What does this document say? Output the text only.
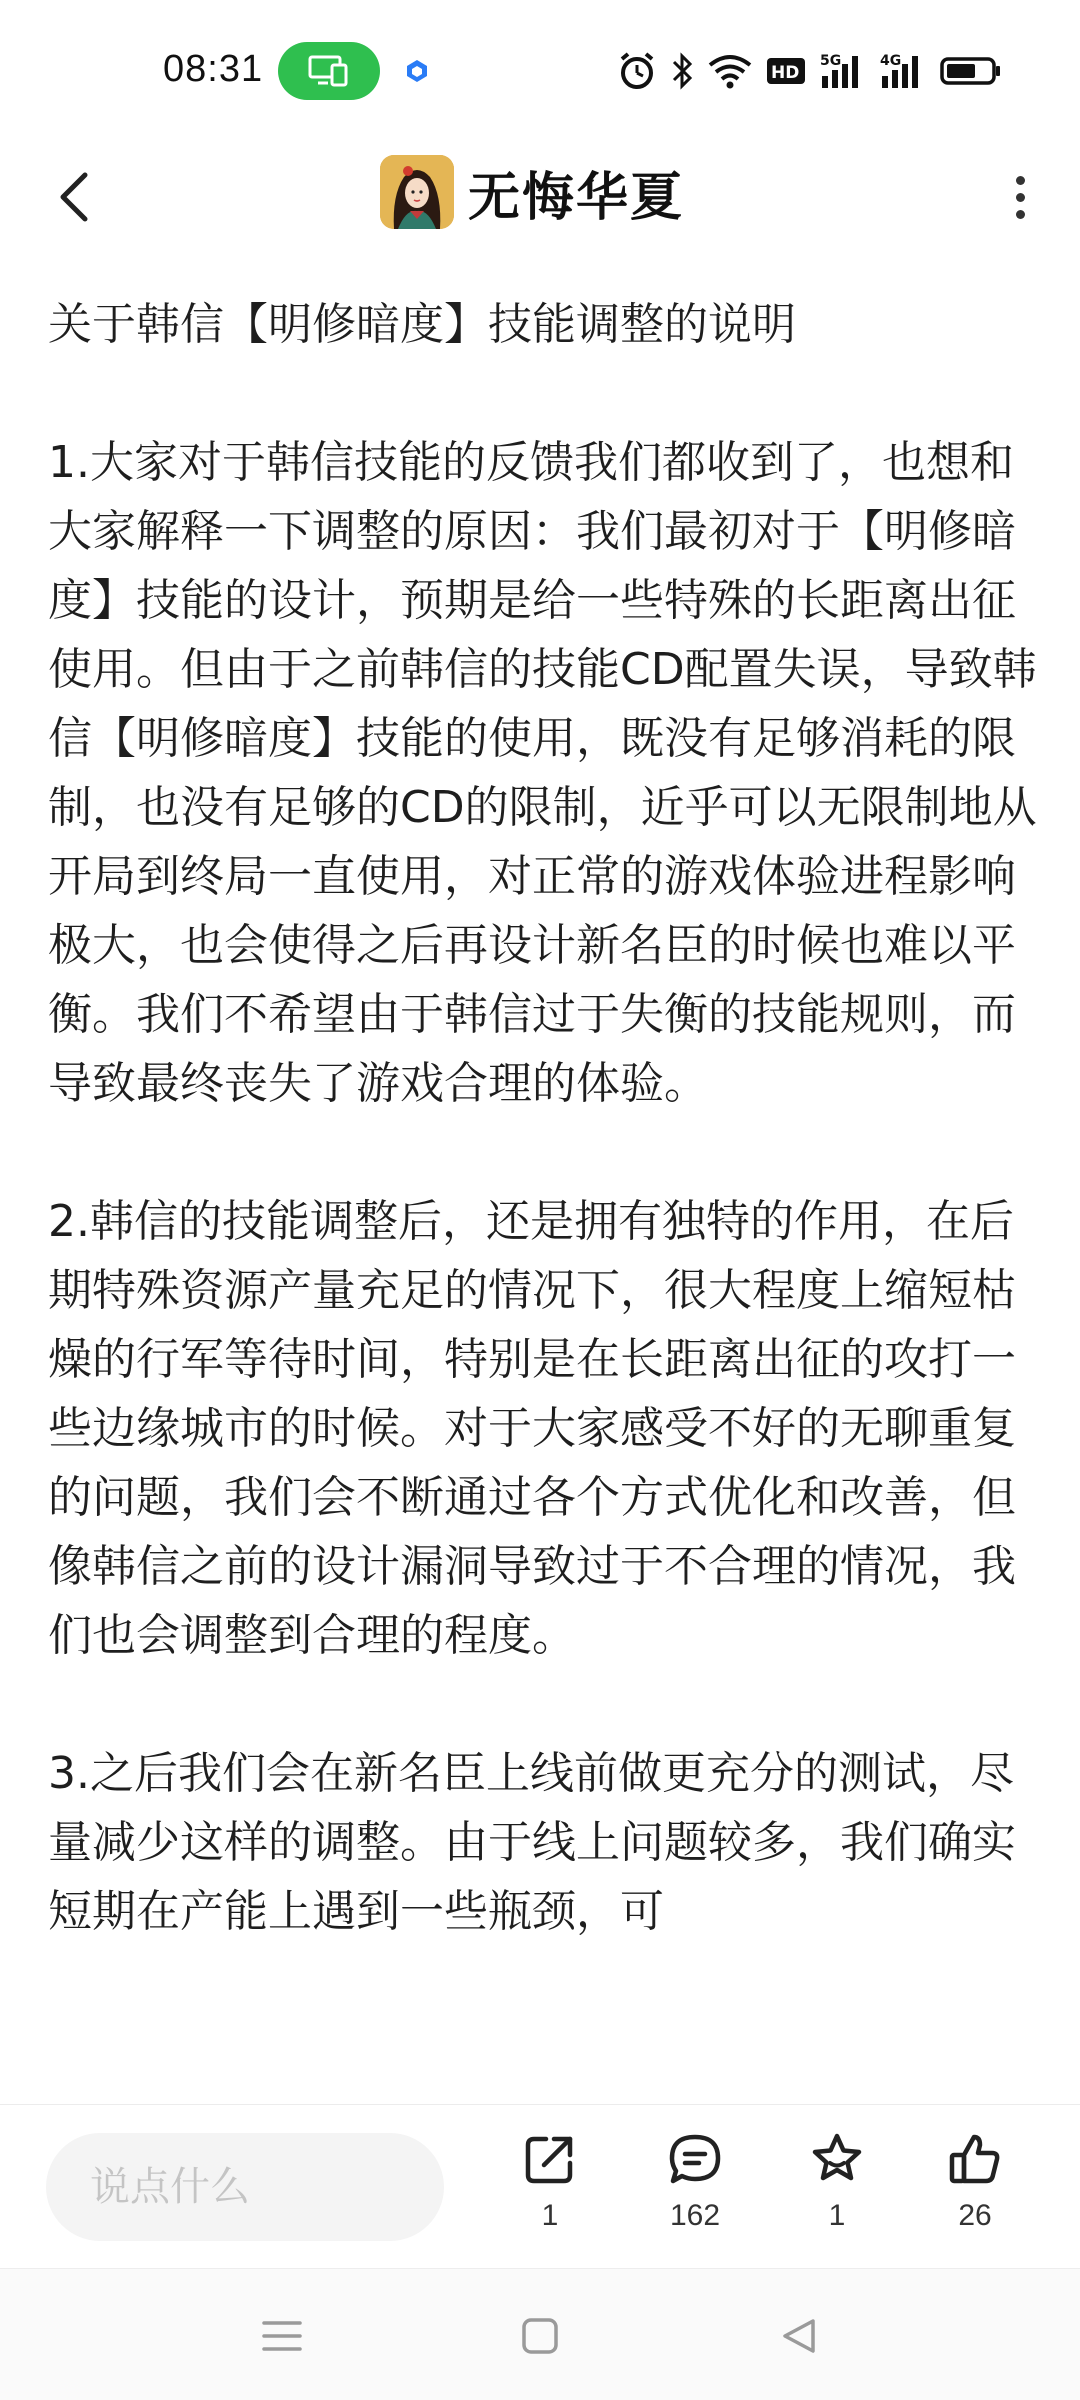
08:31	HD
5G	4G
无悔华夏
关于韩信【明修暗度】技能调整的说明
1.大家对于韩信技能的反馈我们都收到了，也想和大家解释一下调整的原因：我们最初对于【明修暗度】技能的设计，预期是给一些特殊的长距离出征使用。但由于之前韩信的技能CD配置失误，导致韩信【明修暗度】技能的使用，既没有足够消耗的限制，也没有足够的CD的限制，近乎可以无限制地从开局到终局一直使用，对正常的游戏体验进程影响极大，也会使得之后再设计新名臣的时候也难以平衡。我们不希望由于韩信过于失衡的技能规则，而导致最终丧失了游戏合理的体验。
2.韩信的技能调整后，还是拥有独特的作用，在后期特殊资源产量充足的情况下，很大程度上缩短枯燥的行军等待时间，特别是在长距离出征的攻打一些边缘城市的时候。对于大家感受不好的无聊重复的问题，我们会不断通过各个方式优化和改善，但像韩信之前的设计漏洞导致过于不合理的情况，我们也会调整到合理的程度。
3.之后我们会在新名臣上线前做更充分的测试，尽量减少这样的调整。由于线上问题较多，我们确实短期在产能上遇到一些瓶颈，可
说点什么
1	162	1	26
